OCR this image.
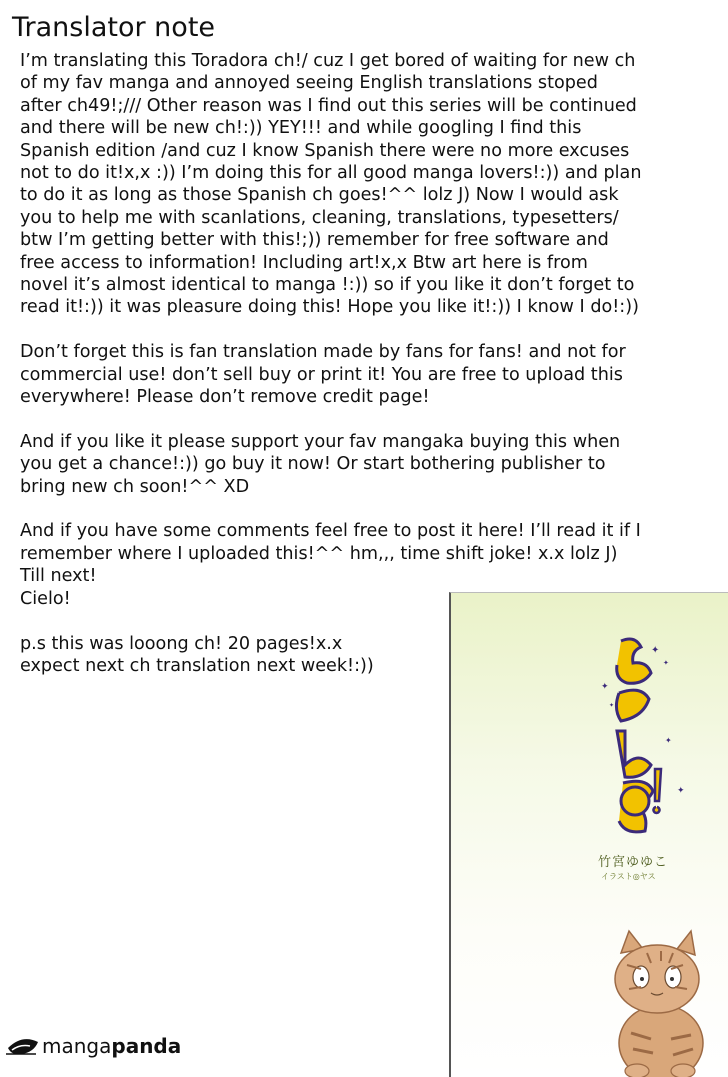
Translator note
I’m translating this Toradora ch!/ cuz I get bored of waiting for new ch
of my fav manga and annoyed seeing English translations stoped
after ch49!;/// Other reason was I find out this series will be continued
and there will be new ch!:)) YEY!!! and while googling I find this
Spanish edition /and cuz I know Spanish there were no more excuses
not to do it!x,x :)) I’m doing this for all good manga lovers!:)) and plan
to do it as long as those Spanish ch goes!^^ lolz J) Now I would ask
you to help me with scanlations, cleaning, translations, typesetters/
btw I’m getting better with this!;)) remember for free software and
free access to information! Including art!x,x Btw art here is from
novel it’s almost identical to manga !:)) so if you like it don’t forget to
read it!:)) it was pleasure doing this! Hope you like it!:)) I know I do!:))
Don’t forget this is fan translation made by fans for fans! and not for
commercial use! don’t sell buy or print it! You are free to upload this
everywhere! Please don’t remove credit page!
And if you like it please support your fav mangaka buying this when
you get a chance!:)) go buy it now! Or start bothering publisher to
bring new ch soon!^^ XD
And if you have some comments feel free to post it here! I’ll read it if I
remember where I uploaded this!^^ hm,,, time shift joke! x.x lolz J)
Till next!
Cielo!
p.s this was looong ch! 20 pages!x.x
expect next ch translation next week!:))
✦
✦
✦
✦
✦
✦
竹宮ゆゆこ
イラスト◎ヤス
mangapanda
